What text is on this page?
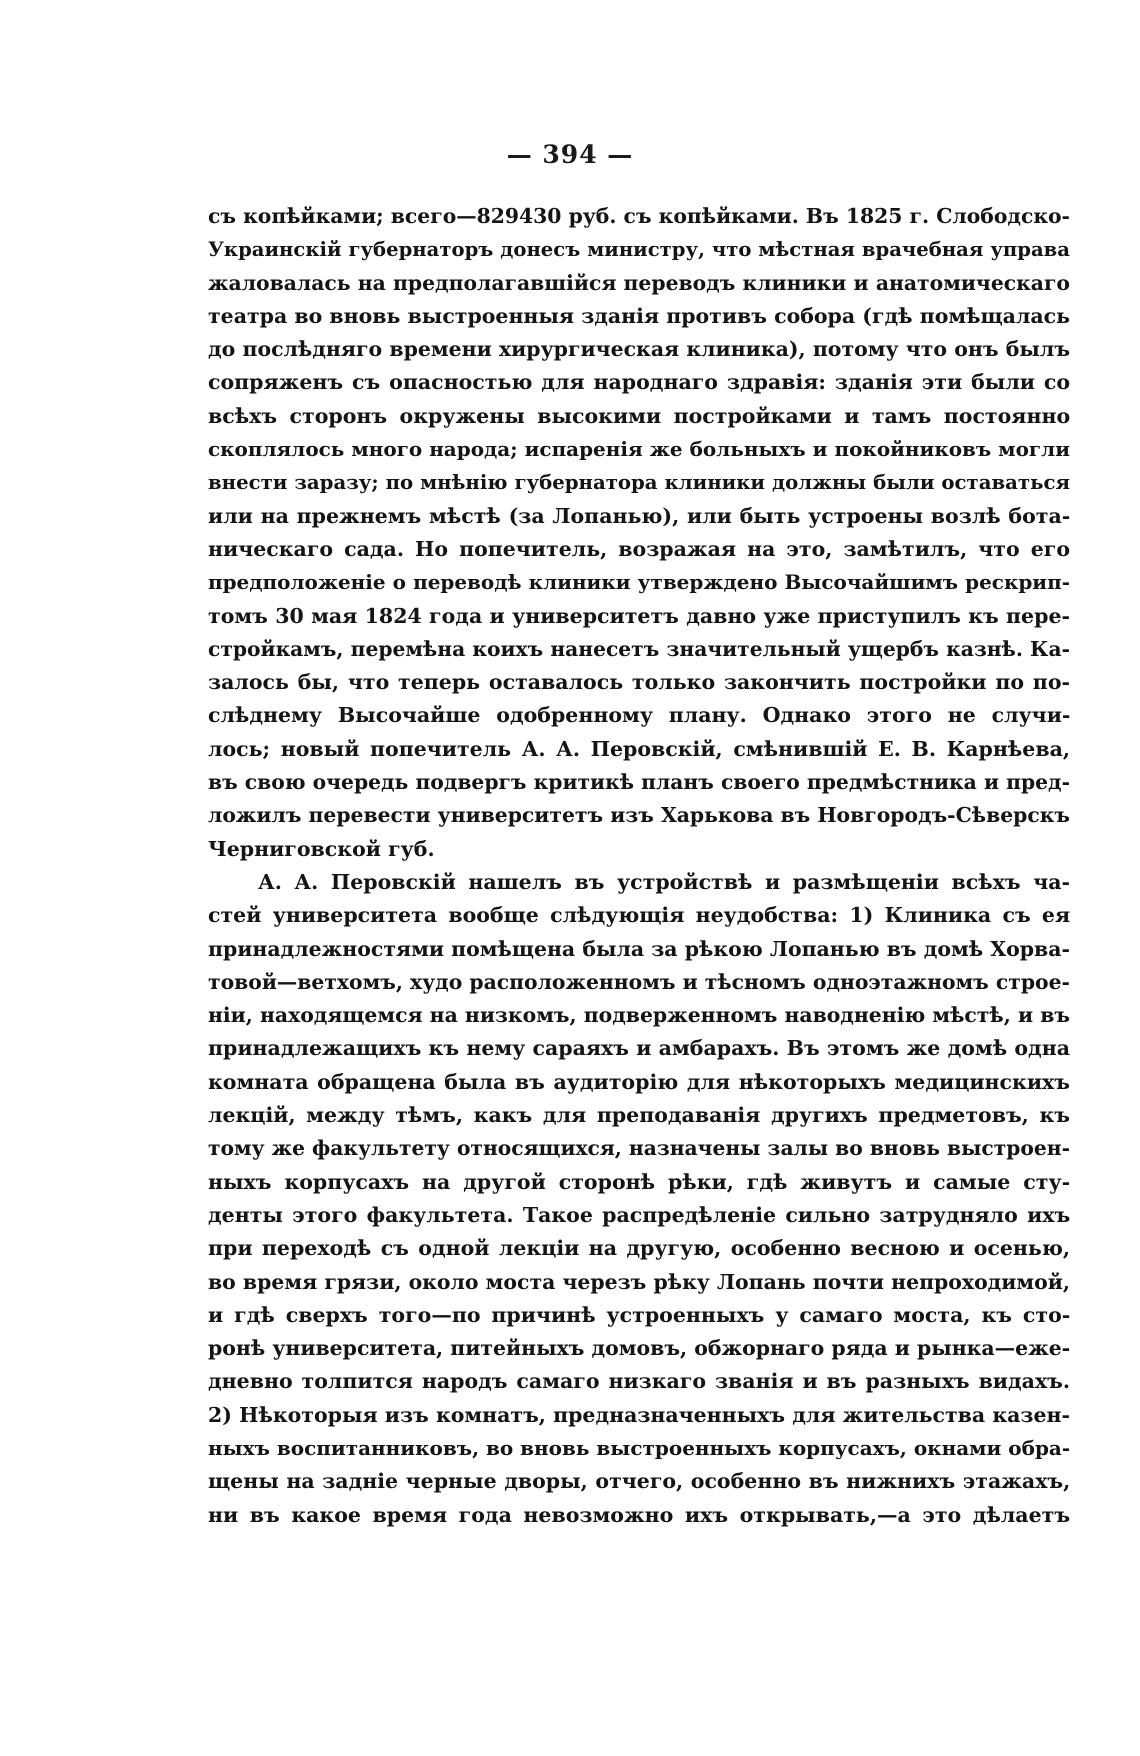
— 394 —
съ копѣйками; всего—829430 руб. съ копѣйками. Въ 1825 г. Слободско-
Украинскій губернаторъ донесъ министру, что мѣстная врачебная управа
жаловалась на предполагавшійся переводъ клиники и анатомическаго
театра во вновь выстроенныя зданія противъ собора (гдѣ помѣщалась
до послѣдняго времени хирургическая клиника), потому что онъ былъ
сопряженъ съ опасностью для народнаго здравія: зданія эти были со
всѣхъ сторонъ окружены высокими постройками и тамъ постоянно
скоплялось много народа; испаренія же больныхъ и покойниковъ могли
внести заразу; по мнѣнію губернатора клиники должны были оставаться
или на прежнемъ мѣстѣ (за Лопанью), или быть устроены возлѣ бота-
ническаго сада. Но попечитель, возражая на это, замѣтилъ, что его
предположеніе о переводѣ клиники утверждено Высочайшимъ рескрип-
томъ 30 мая 1824 года и университетъ давно уже приступилъ къ пере-
стройкамъ, перемѣна коихъ нанесетъ значительный ущербъ казнѣ. Ка-
залось бы, что теперь оставалось только закончить постройки по по-
слѣднему Высочайше одобренному плану. Однако этого не случи-
лось; новый попечитель А. А. Перовскій, смѣнившій Е. В. Карнѣева,
въ свою очередь подвергъ критикѣ планъ своего предмѣстника и пред-
ложилъ перевести университетъ изъ Харькова въ Новгородъ-Сѣверскъ
Черниговской губ.
А. А. Перовскій нашелъ въ устройствѣ и размѣщеніи всѣхъ ча-
стей университета вообще слѣдующія неудобства: 1) Клиника съ ея
принадлежностями помѣщена была за рѣкою Лопанью въ домѣ Хорва-
товой—ветхомъ, худо расположенномъ и тѣсномъ одноэтажномъ строе-
ніи, находящемся на низкомъ, подверженномъ наводненію мѣстѣ, и въ
принадлежащихъ къ нему сараяхъ и амбарахъ. Въ этомъ же домѣ одна
комната обращена была въ аудиторію для нѣкоторыхъ медицинскихъ
лекцій, между тѣмъ, какъ для преподаванія другихъ предметовъ, къ
тому же факультету относящихся, назначены залы во вновь выстроен-
ныхъ корпусахъ на другой сторонѣ рѣки, гдѣ живутъ и самые сту-
денты этого факультета. Такое распредѣленіе сильно затрудняло ихъ
при переходѣ съ одной лекціи на другую, особенно весною и осенью,
во время грязи, около моста черезъ рѣку Лопань почти непроходимой,
и гдѣ сверхъ того—по причинѣ устроенныхъ у самаго моста, къ сто-
ронѣ университета, питейныхъ домовъ, обжорнаго ряда и рынка—еже-
дневно толпится народъ самаго низкаго званія и въ разныхъ видахъ.
2) Нѣкоторыя изъ комнатъ, предназначенныхъ для жительства казен-
ныхъ воспитанниковъ, во вновь выстроенныхъ корпусахъ, окнами обра-
щены на задніе черные дворы, отчего, особенно въ нижнихъ этажахъ,
ни въ какое время года невозможно ихъ открывать,—а это дѣлаетъ
